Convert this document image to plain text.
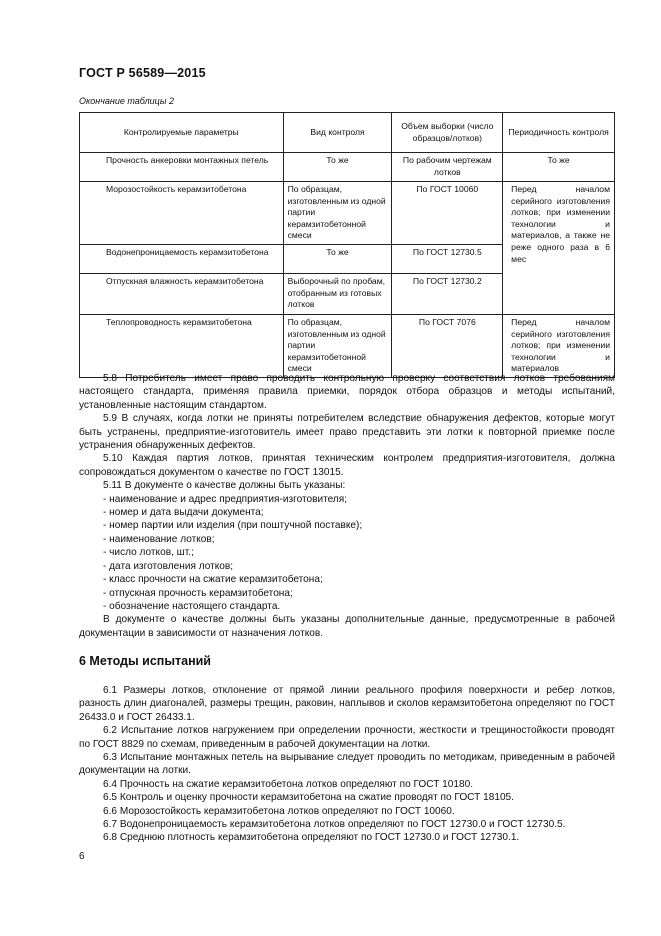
ГОСТ Р 56589—2015
Окончание таблицы 2
Контролируемые параметры	Вид контроля	Объем выборки (число образцов/лотков)	Периодичность контроля
Прочность анкеровки монтажных петель	То же	По рабочим чертежам лотков	То же
Морозостойкость керамзитобетона	По образцам, изготовленным из одной партии керамзитобетонной смеси	По ГОСТ 10060	Перед началом серийного изготовления лотков; при изменении технологии и материалов, а также не реже одного раза в 6 мес
Водонепроницаемость керамзитобетона	То же	По ГОСТ 12730.5	
Отпускная влажность керамзитобетона	Выборочный по пробам, отобранным из готовых лотков	По ГОСТ 12730.2	
Теплопроводность керамзитобетона	По образцам, изготовленным из одной партии керамзитобетонной смеси	По ГОСТ 7076	Перед началом серийного изготовления лотков; при изменении технологии и материалов

5.8 Потребитель имеет право проводить контрольную проверку соответствия лотков требованиям настоящего стандарта, применяя правила приемки, порядок отбора образцов и методы испытаний, установленные настоящим стандартом.

5.9 В случаях, когда лотки не приняты потребителем вследствие обнаружения дефектов, которые могут быть устранены, предприятие-изготовитель имеет право представить эти лотки к повторной приемке после устранения обнаруженных дефектов.

5.10 Каждая партия лотков, принятая техническим контролем предприятия-изготовителя, должна сопровождаться документом о качестве по ГОСТ 13015.

5.11 В документе о качестве должны быть указаны:

- наименование и адрес предприятия-изготовителя;

- номер и дата выдачи документа;

- номер партии или изделия (при поштучной поставке);

- наименование лотков;

- число лотков, шт.;

- дата изготовления лотков;

- класс прочности на сжатие керамзитобетона;

- отпускная прочность керамзитобетона;

- обозначение настоящего стандарта.

В документе о качестве должны быть указаны дополнительные данные, предусмотренные в рабочей документации в зависимости от назначения лотков.

6 Методы испытаний

6.1 Размеры лотков, отклонение от прямой линии реального профиля поверхности и ребер лотков, разность длин диагоналей, размеры трещин, раковин, наплывов и сколов керамзитобетона определяют по ГОСТ 26433.0 и ГОСТ 26433.1.

6.2 Испытание лотков нагружением при определении прочности, жесткости и трещиностойкости проводят по ГОСТ 8829 по схемам, приведенным в рабочей документации на лотки.

6.3 Испытание монтажных петель на вырывание следует проводить по методикам, приведенным в рабочей документации на лотки.

6.4 Прочность на сжатие керамзитобетона лотков определяют по ГОСТ 10180.

6.5 Контроль и оценку прочности керамзитобетона на сжатие проводят по ГОСТ 18105.

6.6 Морозостойкость керамзитобетона лотков определяют по ГОСТ 10060.

6.7 Водонепроницаемость керамзитобетона лотков определяют по ГОСТ 12730.0 и ГОСТ 12730.5.

6.8 Среднюю плотность керамзитобетона определяют по ГОСТ 12730.0 и ГОСТ 12730.1.

6
